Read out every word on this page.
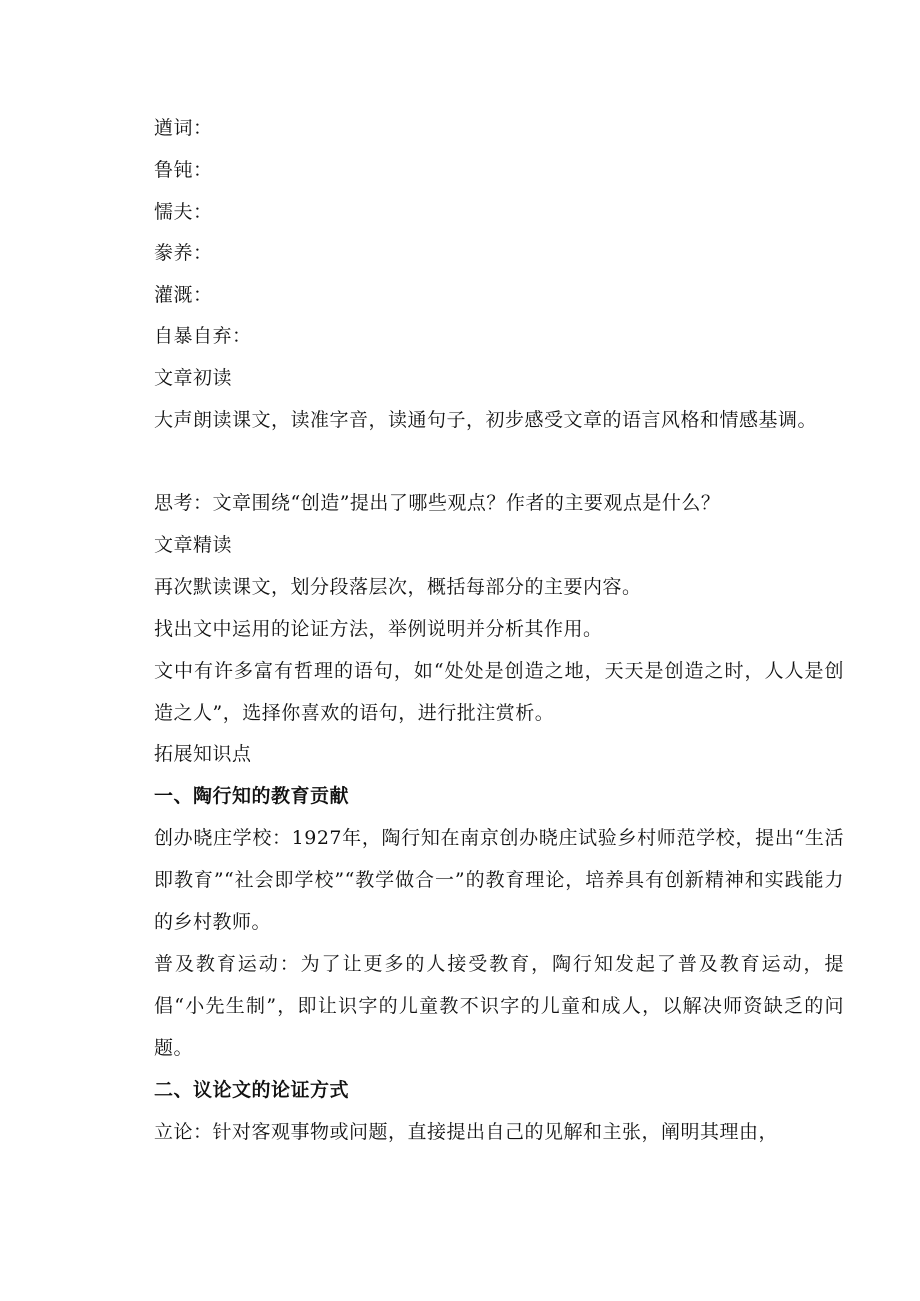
遒词：

鲁钝：

懦夫：

豢养：

灌溉：

自暴自弃：

文章初读

大声朗读课文，读准字音，读通句子，初步感受文章的语言风格和情感基调。

思考：文章围绕“创造”提出了哪些观点？作者的主要观点是什么？

文章精读

再次默读课文，划分段落层次，概括每部分的主要内容。

找出文中运用的论证方法，举例说明并分析其作用。

文中有许多富有哲理的语句，如“处处是创造之地，天天是创造之时，人人是创造之人”，选择你喜欢的语句，进行批注赏析。

拓展知识点

一、陶行知的教育贡献

创办晓庄学校：1927年，陶行知在南京创办晓庄试验乡村师范学校，提出“生活即教育”“社会即学校”“教学做合一”的教育理论，培养具有创新精神和实践能力的乡村教师。

普及教育运动：为了让更多的人接受教育，陶行知发起了普及教育运动，提倡“小先生制”，即让识字的儿童教不识字的儿童和成人，以解决师资缺乏的问题。

二、议论文的论证方式

立论：针对客观事物或问题，直接提出自己的见解和主张，阐明其理由，
